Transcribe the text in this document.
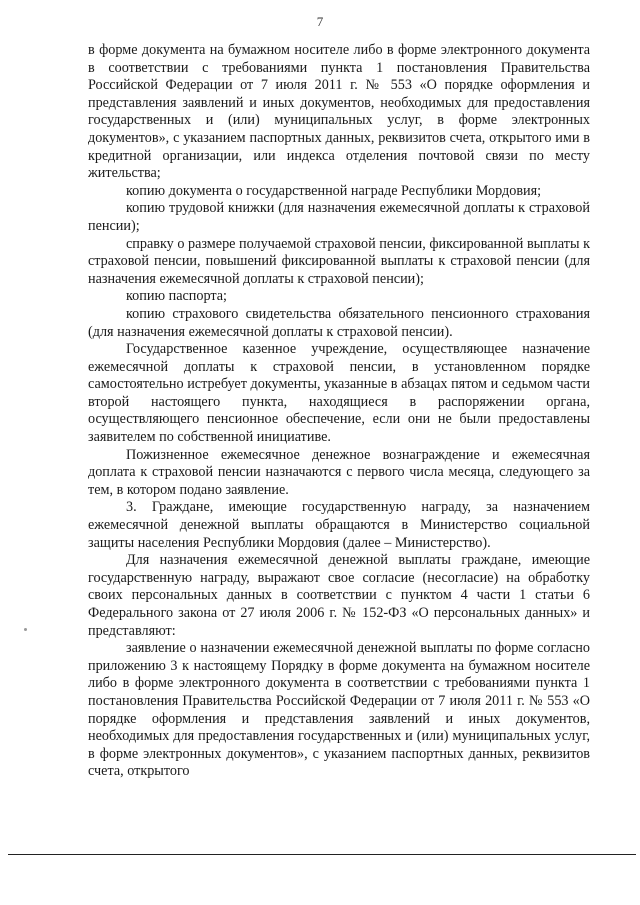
7

в форме документа на бумажном носителе либо в форме электронного документа в соответствии с требованиями пункта 1 постановления Правительства Российской Федерации от 7 июля 2011 г. № 553 «О порядке оформления и представления заявлений и иных документов, необходимых для предоставления государственных и (или) муниципальных услуг, в форме электронных документов», с указанием паспортных данных, реквизитов счета, открытого ими в кредитной организации, или индекса отделения почтовой связи по месту жительства;

копию документа о государственной награде Республики Мордовия;

копию трудовой книжки (для назначения ежемесячной доплаты к страховой пенсии);

справку о размере получаемой страховой пенсии, фиксированной выплаты к страховой пенсии, повышений фиксированной выплаты к страховой пенсии (для назначения ежемесячной доплаты к страховой пенсии);

копию паспорта;

копию страхового свидетельства обязательного пенсионного страхования (для назначения ежемесячной доплаты к страховой пенсии).

Государственное казенное учреждение, осуществляющее назначение ежемесячной доплаты к страховой пенсии, в установленном порядке самостоятельно истребует документы, указанные в абзацах пятом и седьмом части второй настоящего пункта, находящиеся в распоряжении органа, осуществляющего пенсионное обеспечение, если они не были предоставлены заявителем по собственной инициативе.

Пожизненное ежемесячное денежное вознаграждение и ежемесячная доплата к страховой пенсии назначаются с первого числа месяца, следующего за тем, в котором подано заявление.

3. Граждане, имеющие государственную награду, за назначением ежемесячной денежной выплаты обращаются в Министерство социальной защиты населения Республики Мордовия (далее – Министерство).

Для назначения ежемесячной денежной выплаты граждане, имеющие государственную награду, выражают свое согласие (несогласие) на обработку своих персональных данных в соответствии с пунктом 4 части 1 статьи 6 Федерального закона от 27 июля 2006 г. № 152-ФЗ «О персональных данных» и представляют:

заявление о назначении ежемесячной денежной выплаты по форме согласно приложению 3 к настоящему Порядку в форме документа на бумажном носителе либо в форме электронного документа в соответствии с требованиями пункта 1 постановления Правительства Российской Федерации от 7 июля 2011 г. № 553 «О порядке оформления и представления заявлений и иных документов, необходимых для предоставления государственных и (или) муниципальных услуг, в форме электронных документов», с указанием паспортных данных, реквизитов счета, открытого
